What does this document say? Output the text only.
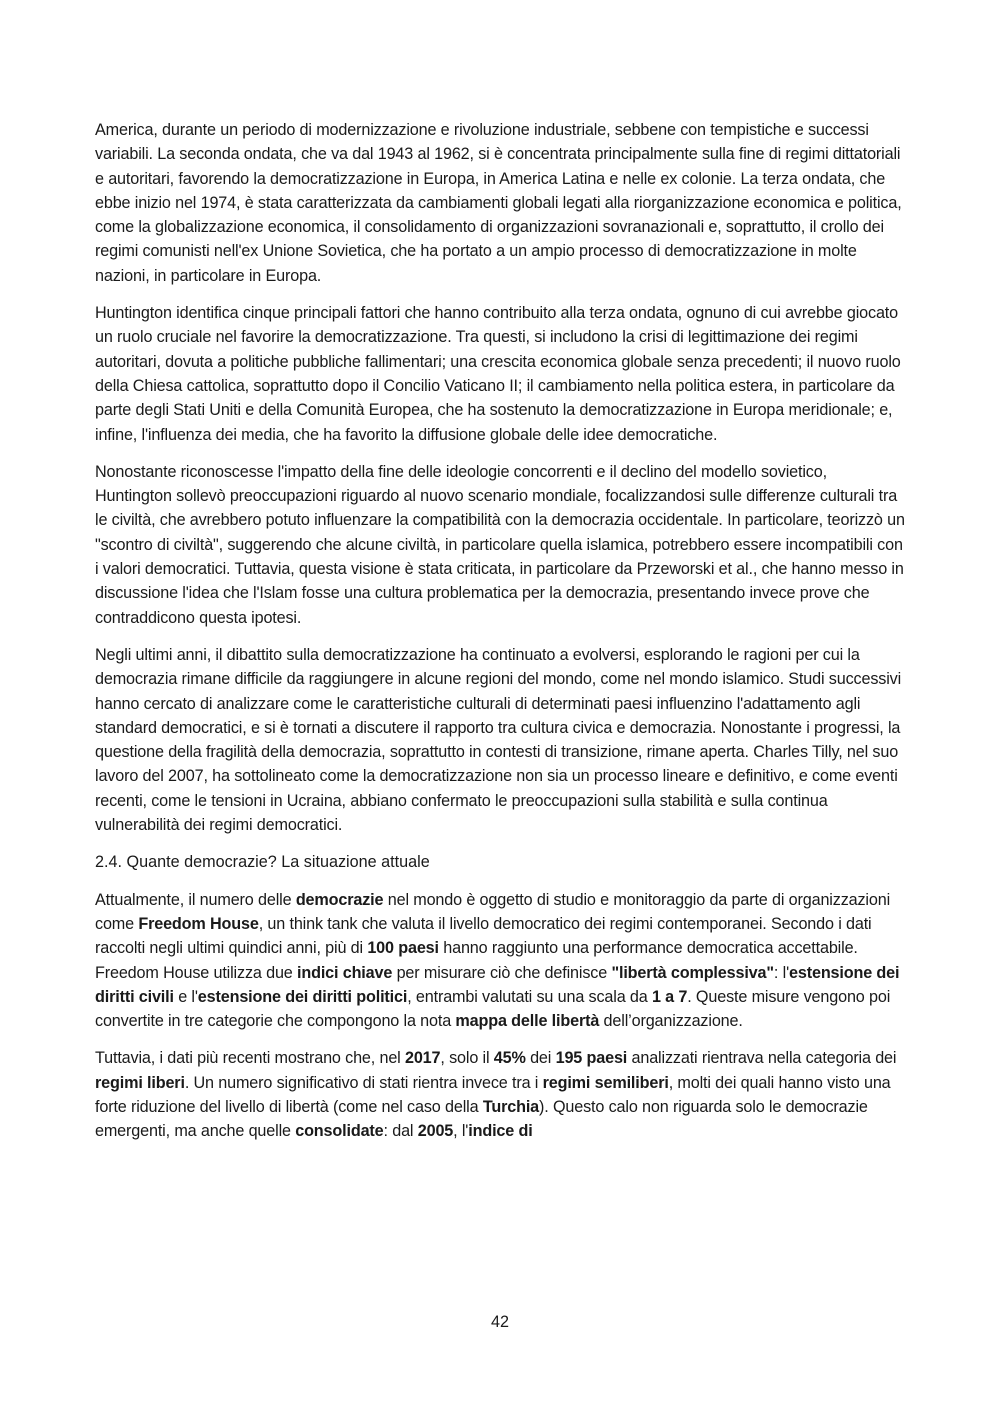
America, durante un periodo di modernizzazione e rivoluzione industriale, sebbene con tempistiche e successi variabili. La seconda ondata, che va dal 1943 al 1962, si è concentrata principalmente sulla fine di regimi dittatoriali e autoritari, favorendo la democratizzazione in Europa, in America Latina e nelle ex colonie. La terza ondata, che ebbe inizio nel 1974, è stata caratterizzata da cambiamenti globali legati alla riorganizzazione economica e politica, come la globalizzazione economica, il consolidamento di organizzazioni sovranazionali e, soprattutto, il crollo dei regimi comunisti nell'ex Unione Sovietica, che ha portato a un ampio processo di democratizzazione in molte nazioni, in particolare in Europa.

Huntington identifica cinque principali fattori che hanno contribuito alla terza ondata, ognuno di cui avrebbe giocato un ruolo cruciale nel favorire la democratizzazione. Tra questi, si includono la crisi di legittimazione dei regimi autoritari, dovuta a politiche pubbliche fallimentari; una crescita economica globale senza precedenti; il nuovo ruolo della Chiesa cattolica, soprattutto dopo il Concilio Vaticano II; il cambiamento nella politica estera, in particolare da parte degli Stati Uniti e della Comunità Europea, che ha sostenuto la democratizzazione in Europa meridionale; e, infine, l'influenza dei media, che ha favorito la diffusione globale delle idee democratiche.

Nonostante riconoscesse l'impatto della fine delle ideologie concorrenti e il declino del modello sovietico, Huntington sollevò preoccupazioni riguardo al nuovo scenario mondiale, focalizzandosi sulle differenze culturali tra le civiltà, che avrebbero potuto influenzare la compatibilità con la democrazia occidentale. In particolare, teorizzò un "scontro di civiltà", suggerendo che alcune civiltà, in particolare quella islamica, potrebbero essere incompatibili con i valori democratici. Tuttavia, questa visione è stata criticata, in particolare da Przeworski et al., che hanno messo in discussione l'idea che l'Islam fosse una cultura problematica per la democrazia, presentando invece prove che contraddicono questa ipotesi.

Negli ultimi anni, il dibattito sulla democratizzazione ha continuato a evolversi, esplorando le ragioni per cui la democrazia rimane difficile da raggiungere in alcune regioni del mondo, come nel mondo islamico. Studi successivi hanno cercato di analizzare come le caratteristiche culturali di determinati paesi influenzino l'adattamento agli standard democratici, e si è tornati a discutere il rapporto tra cultura civica e democrazia. Nonostante i progressi, la questione della fragilità della democrazia, soprattutto in contesti di transizione, rimane aperta. Charles Tilly, nel suo lavoro del 2007, ha sottolineato come la democratizzazione non sia un processo lineare e definitivo, e come eventi recenti, come le tensioni in Ucraina, abbiano confermato le preoccupazioni sulla stabilità e sulla continua vulnerabilità dei regimi democratici.

2.4. Quante democrazie? La situazione attuale

Attualmente, il numero delle democrazie nel mondo è oggetto di studio e monitoraggio da parte di organizzazioni come Freedom House, un think tank che valuta il livello democratico dei regimi contemporanei. Secondo i dati raccolti negli ultimi quindici anni, più di 100 paesi hanno raggiunto una performance democratica accettabile. Freedom House utilizza due indici chiave per misurare ciò che definisce "libertà complessiva": l'estensione dei diritti civili e l'estensione dei diritti politici, entrambi valutati su una scala da 1 a 7. Queste misure vengono poi convertite in tre categorie che compongono la nota mappa delle libertà dell’organizzazione.

Tuttavia, i dati più recenti mostrano che, nel 2017, solo il 45% dei 195 paesi analizzati rientrava nella categoria dei regimi liberi. Un numero significativo di stati rientra invece tra i regimi semiliberi, molti dei quali hanno visto una forte riduzione del livello di libertà (come nel caso della Turchia). Questo calo non riguarda solo le democrazie emergenti, ma anche quelle consolidate: dal 2005, l'indice di

42
